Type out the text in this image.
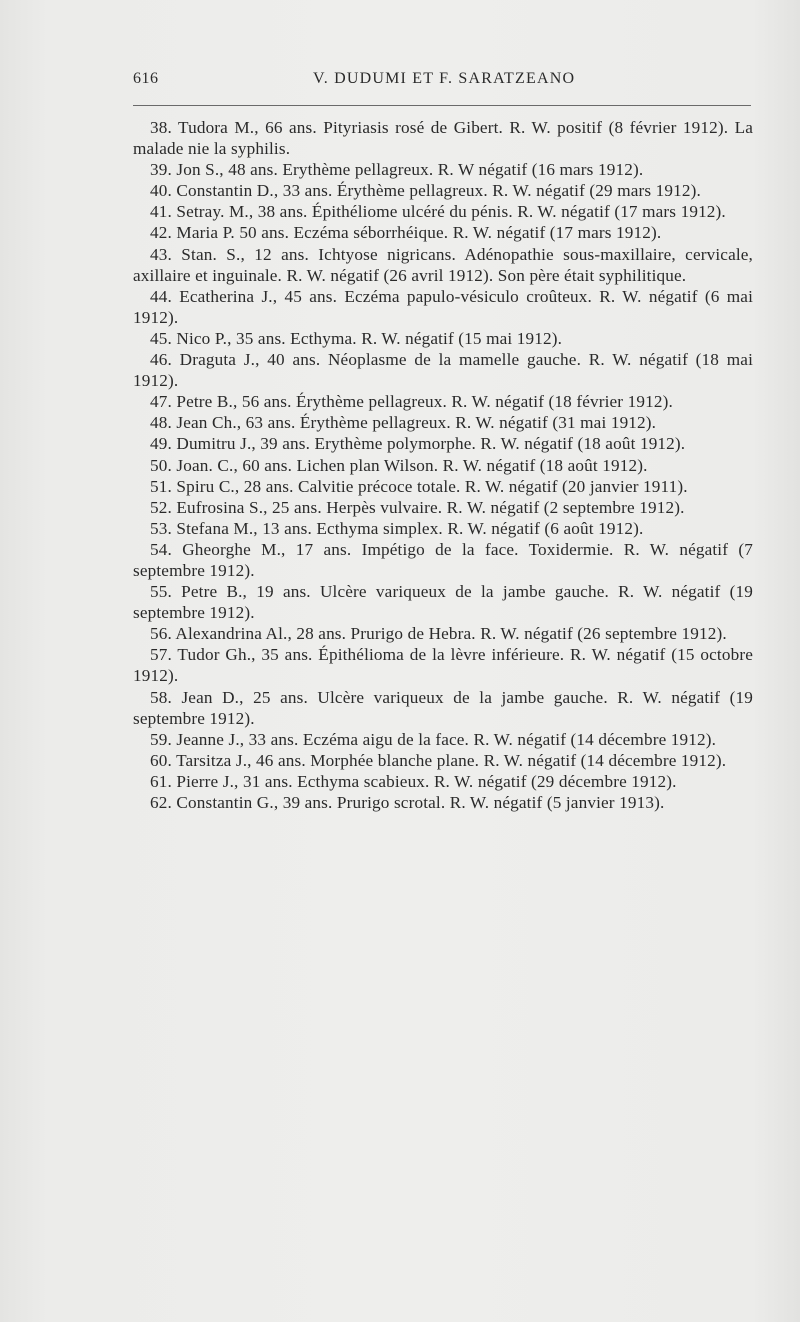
616	V. DUDUMI ET F. SARATZEANO

38. Tudora M., 66 ans. Pityriasis rosé de Gibert. R. W. positif (8 février 1912). La malade nie la syphilis.

39. Jon S., 48 ans. Erythème pellagreux. R. W négatif (16 mars 1912).

40. Constantin D., 33 ans. Érythème pellagreux. R. W. négatif (29 mars 1912).

41. Setray. M., 38 ans. Épithéliome ulcéré du pénis. R. W. négatif (17 mars 1912).

42. Maria P. 50 ans. Eczéma séborrhéique. R. W. négatif (17 mars 1912).

43. Stan. S., 12 ans. Ichtyose nigricans. Adénopathie sous-maxillaire, cervicale, axillaire et inguinale. R. W. négatif (26 avril 1912). Son père était syphilitique.

44. Ecatherina J., 45 ans. Eczéma papulo-vésiculo croûteux. R. W. négatif (6 mai 1912).

45. Nico P., 35 ans. Ecthyma. R. W. négatif (15 mai 1912).

46. Draguta J., 40 ans. Néoplasme de la mamelle gauche. R. W. négatif (18 mai 1912).

47. Petre B., 56 ans. Érythème pellagreux. R. W. négatif (18 février 1912).

48. Jean Ch., 63 ans. Érythème pellagreux. R. W. négatif (31 mai 1912).

49. Dumitru J., 39 ans. Erythème polymorphe. R. W. négatif (18 août 1912).

50. Joan. C., 60 ans. Lichen plan Wilson. R. W. négatif (18 août 1912).

51. Spiru C., 28 ans. Calvitie précoce totale. R. W. négatif (20 janvier 1911).

52. Eufrosina S., 25 ans. Herpès vulvaire. R. W. négatif (2 septembre 1912).

53. Stefana M., 13 ans. Ecthyma simplex. R. W. négatif (6 août 1912).

54. Gheorghe M., 17 ans. Impétigo de la face. Toxidermie. R. W. négatif (7 septembre 1912).

55. Petre B., 19 ans. Ulcère variqueux de la jambe gauche. R. W. négatif (19 septembre 1912).

56. Alexandrina Al., 28 ans. Prurigo de Hebra. R. W. négatif (26 septembre 1912).

57. Tudor Gh., 35 ans. Épithélioma de la lèvre inférieure. R. W. négatif (15 octobre 1912).

58. Jean D., 25 ans. Ulcère variqueux de la jambe gauche. R. W. négatif (19 septembre 1912).

59. Jeanne J., 33 ans. Eczéma aigu de la face. R. W. négatif (14 décembre 1912).

60. Tarsitza J., 46 ans. Morphée blanche plane. R. W. négatif (14 décembre 1912).

61. Pierre J., 31 ans. Ecthyma scabieux. R. W. négatif (29 décembre 1912).

62. Constantin G., 39 ans. Prurigo scrotal. R. W. négatif (5 janvier 1913).
